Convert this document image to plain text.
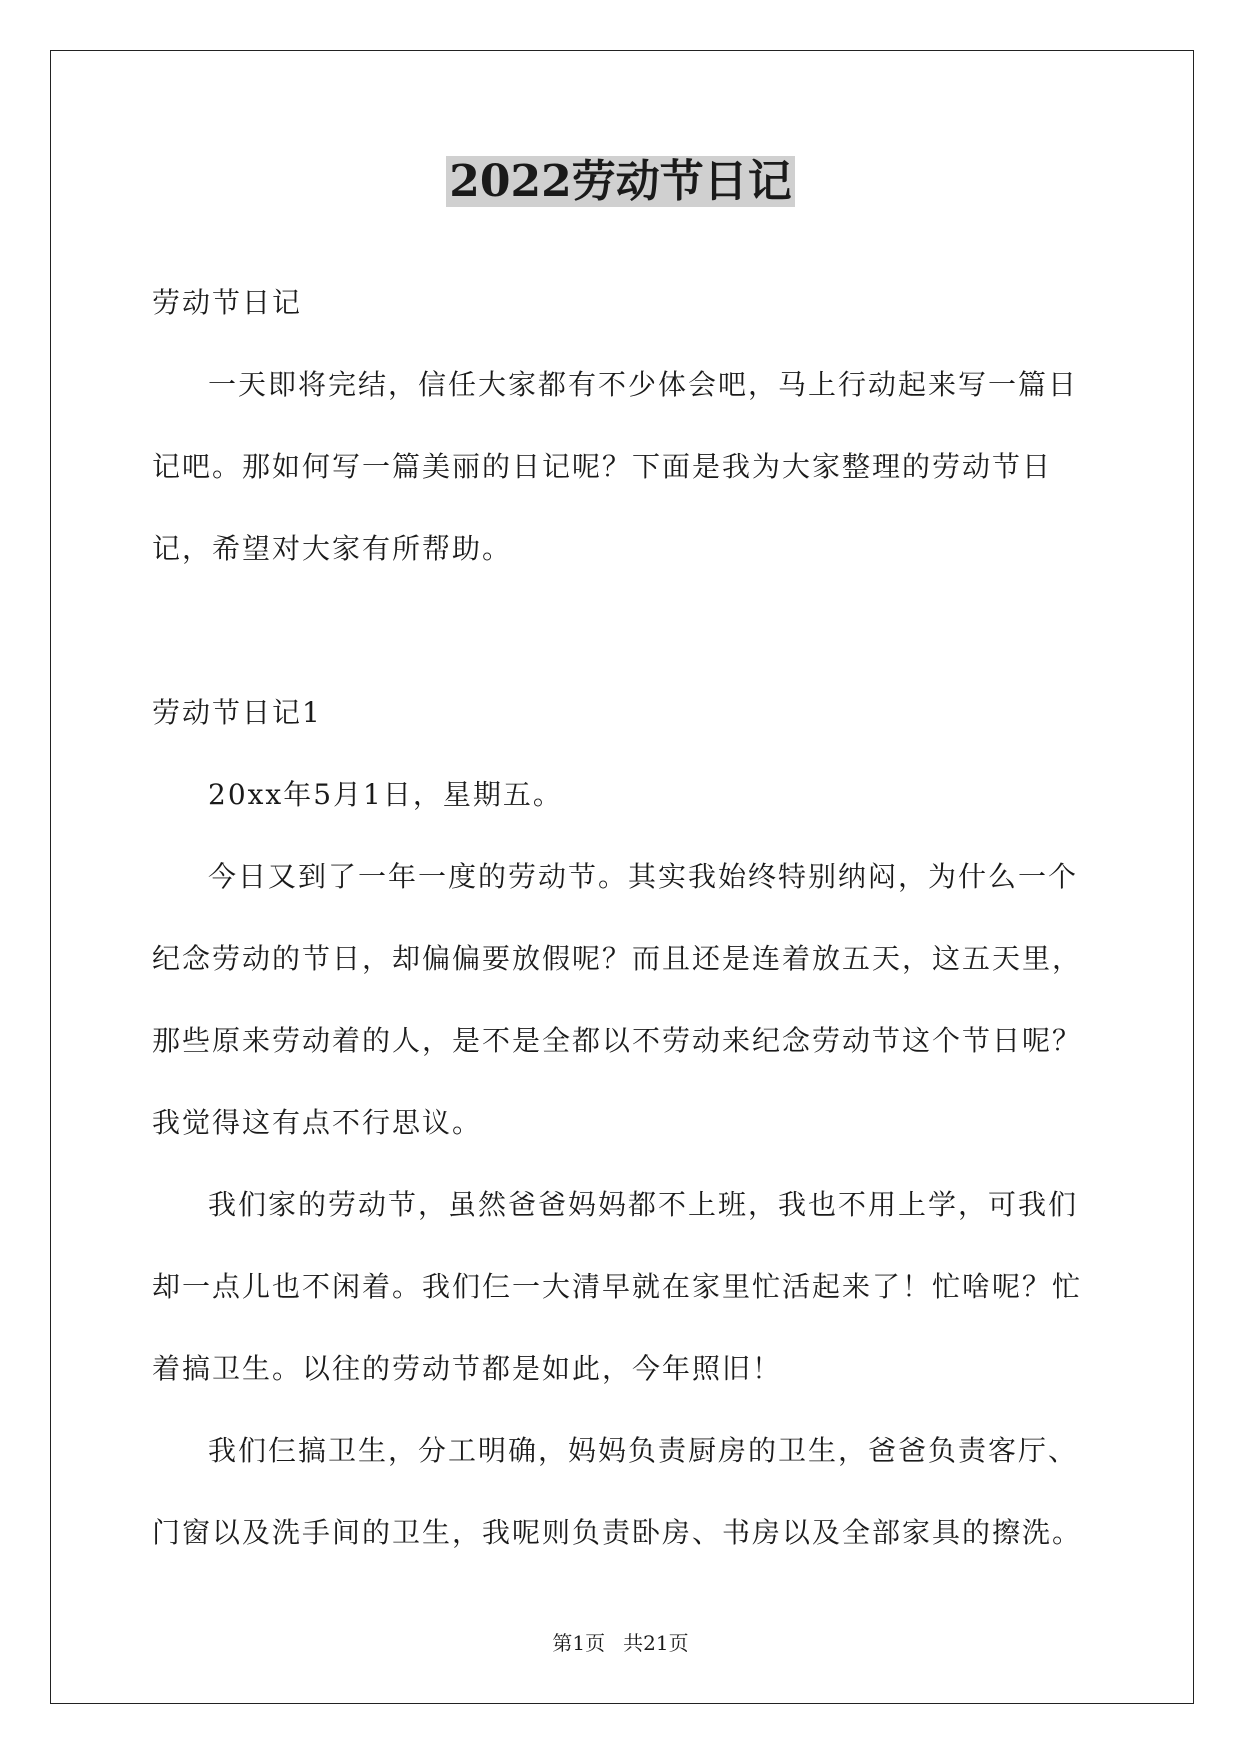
2022劳动节日记

劳动节日记

一天即将完结，信任大家都有不少体会吧，马上行动起来写一篇日记吧。那如何写一篇美丽的日记呢？下面是我为大家整理的劳动节日记，希望对大家有所帮助。

劳动节日记1

20xx年5月1日，星期五。

今日又到了一年一度的劳动节。其实我始终特别纳闷，为什么一个纪念劳动的节日，却偏偏要放假呢？而且还是连着放五天，这五天里，那些原来劳动着的人，是不是全都以不劳动来纪念劳动节这个节日呢？我觉得这有点不行思议。

我们家的劳动节，虽然爸爸妈妈都不上班，我也不用上学，可我们却一点儿也不闲着。我们仨一大清早就在家里忙活起来了！忙啥呢？忙着搞卫生。以往的劳动节都是如此，今年照旧！

我们仨搞卫生，分工明确，妈妈负责厨房的卫生，爸爸负责客厅、门窗以及洗手间的卫生，我呢则负责卧房、书房以及全部家具的擦洗。

第1页 共21页
